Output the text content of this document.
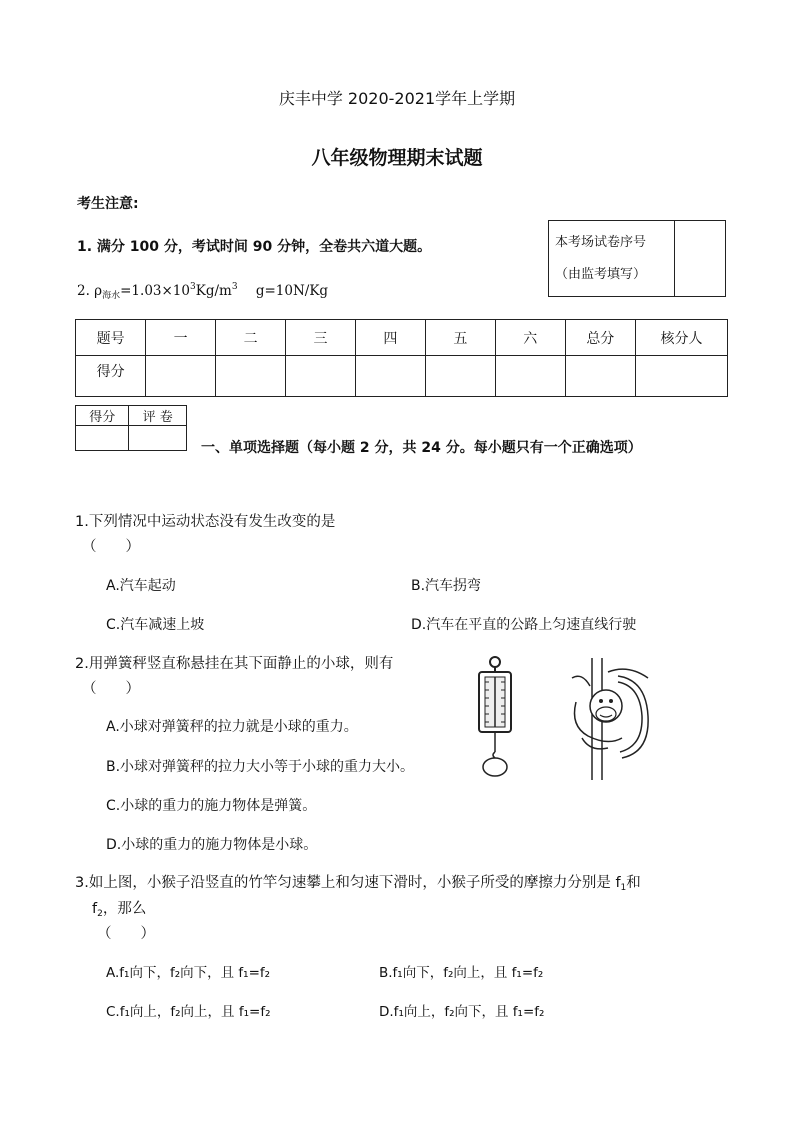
庆丰中学 2020-2021学年上学期
八年级物理期末试题
考生注意:
1. 满分 100 分，考试时间 90 分钟，全卷共六道大题。
2. $\rho_{海水}=1.03\times 10^3Kg/m^3$ g=10N/Kg
本考场试卷序号
（由监考填写）

题号	一	二	三	四	五	六	总分	核分人
得分								
得分	评 卷

一、单项选择题（每小题 2 分，共 24 分。每小题只有一个正确选项）
1.下列情况中运动状态没有发生改变的是
（　　）
A.汽车起动	B.汽车拐弯
C.汽车减速上坡	D.汽车在平直的公路上匀速直线行驶
2.用弹簧秤竖直称悬挂在其下面静止的小球，则有
（　　）
A.小球对弹簧秤的拉力就是小球的重力。
B.小球对弹簧秤的拉力大小等于小球的重力大小。
C.小球的重力的施力物体是弹簧。
D.小球的重力的施力物体是小球。
3.如上图，小猴子沿竖直的竹竿匀速攀上和匀速下滑时，小猴子所受的摩擦力分别是 $f_1$和
$f_2$，那么
（　　）
A.f₁向下，f₂向下，且 f₁=f₂	B.f₁向下，f₂向上，且 f₁=f₂
C.f₁向上，f₂向上，且 f₁=f₂	D.f₁向上，f₂向下，且 f₁=f₂
